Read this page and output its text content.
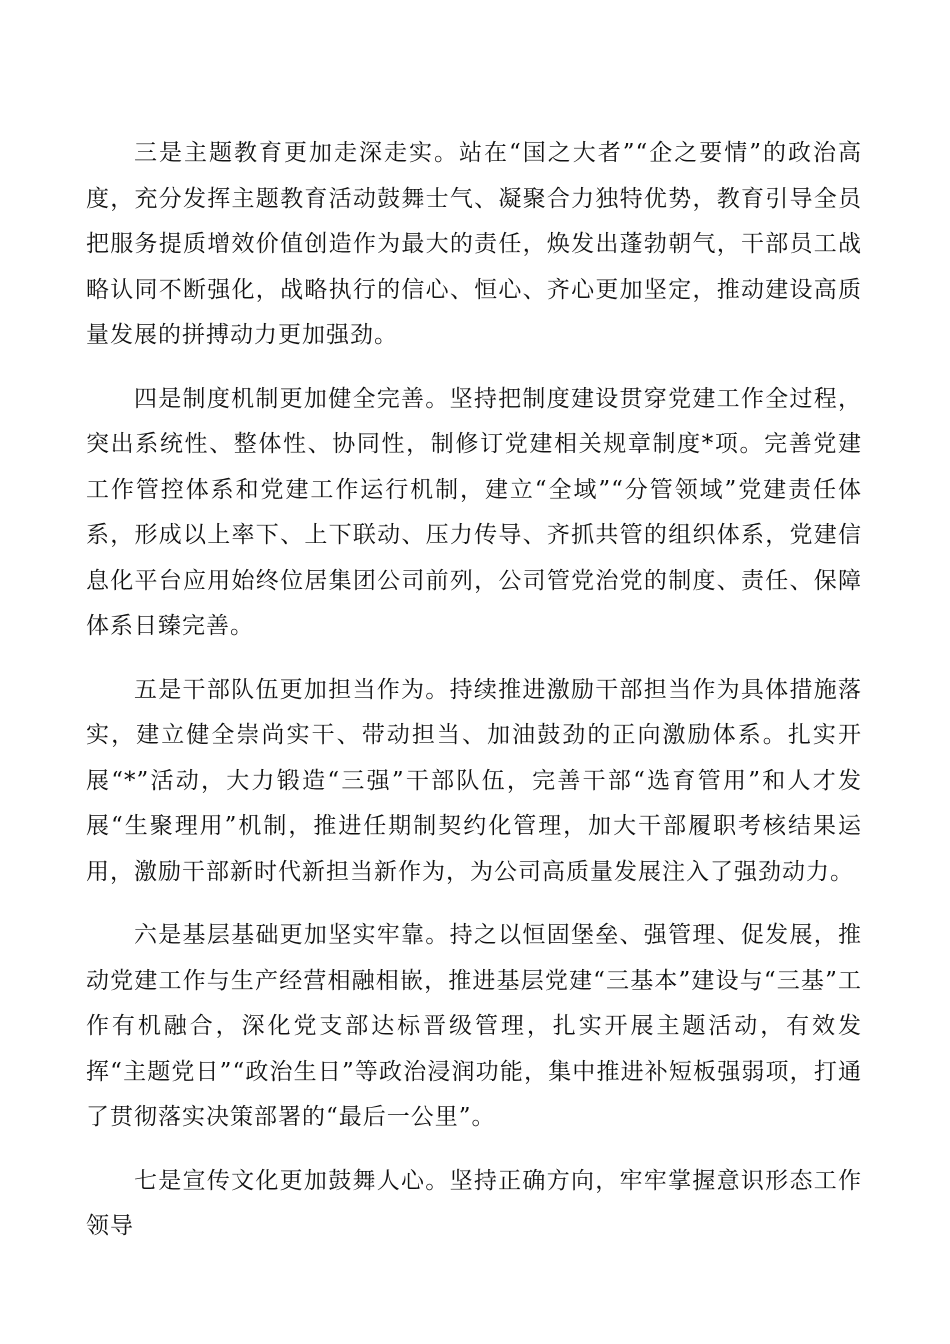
三是主题教育更加走深走实。站在“国之大者”“企之要情”的政治高度，充分发挥主题教育活动鼓舞士气、凝聚合力独特优势，教育引导全员把服务提质增效价值创造作为最大的责任，焕发出蓬勃朝气，干部员工战略认同不断强化，战略执行的信心、恒心、齐心更加坚定，推动建设高质量发展的拼搏动力更加强劲。

四是制度机制更加健全完善。坚持把制度建设贯穿党建工作全过程，突出系统性、整体性、协同性，制修订党建相关规章制度*项。完善党建工作管控体系和党建工作运行机制，建立“全域”“分管领域”党建责任体系，形成以上率下、上下联动、压力传导、齐抓共管的组织体系，党建信息化平台应用始终位居集团公司前列，公司管党治党的制度、责任、保障体系日臻完善。

五是干部队伍更加担当作为。持续推进激励干部担当作为具体措施落实，建立健全崇尚实干、带动担当、加油鼓劲的正向激励体系。扎实开展“*”活动，大力锻造“三强”干部队伍，完善干部“选育管用”和人才发展“生聚理用”机制，推进任期制契约化管理，加大干部履职考核结果运用，激励干部新时代新担当新作为，为公司高质量发展注入了强劲动力。

六是基层基础更加坚实牢靠。持之以恒固堡垒、强管理、促发展，推动党建工作与生产经营相融相嵌，推进基层党建“三基本”建设与“三基”工作有机融合，深化党支部达标晋级管理，扎实开展主题活动，有效发挥“主题党日”“政治生日”等政治浸润功能，集中推进补短板强弱项，打通了贯彻落实决策部署的“最后一公里”。

七是宣传文化更加鼓舞人心。坚持正确方向，牢牢掌握意识形态工作领导
